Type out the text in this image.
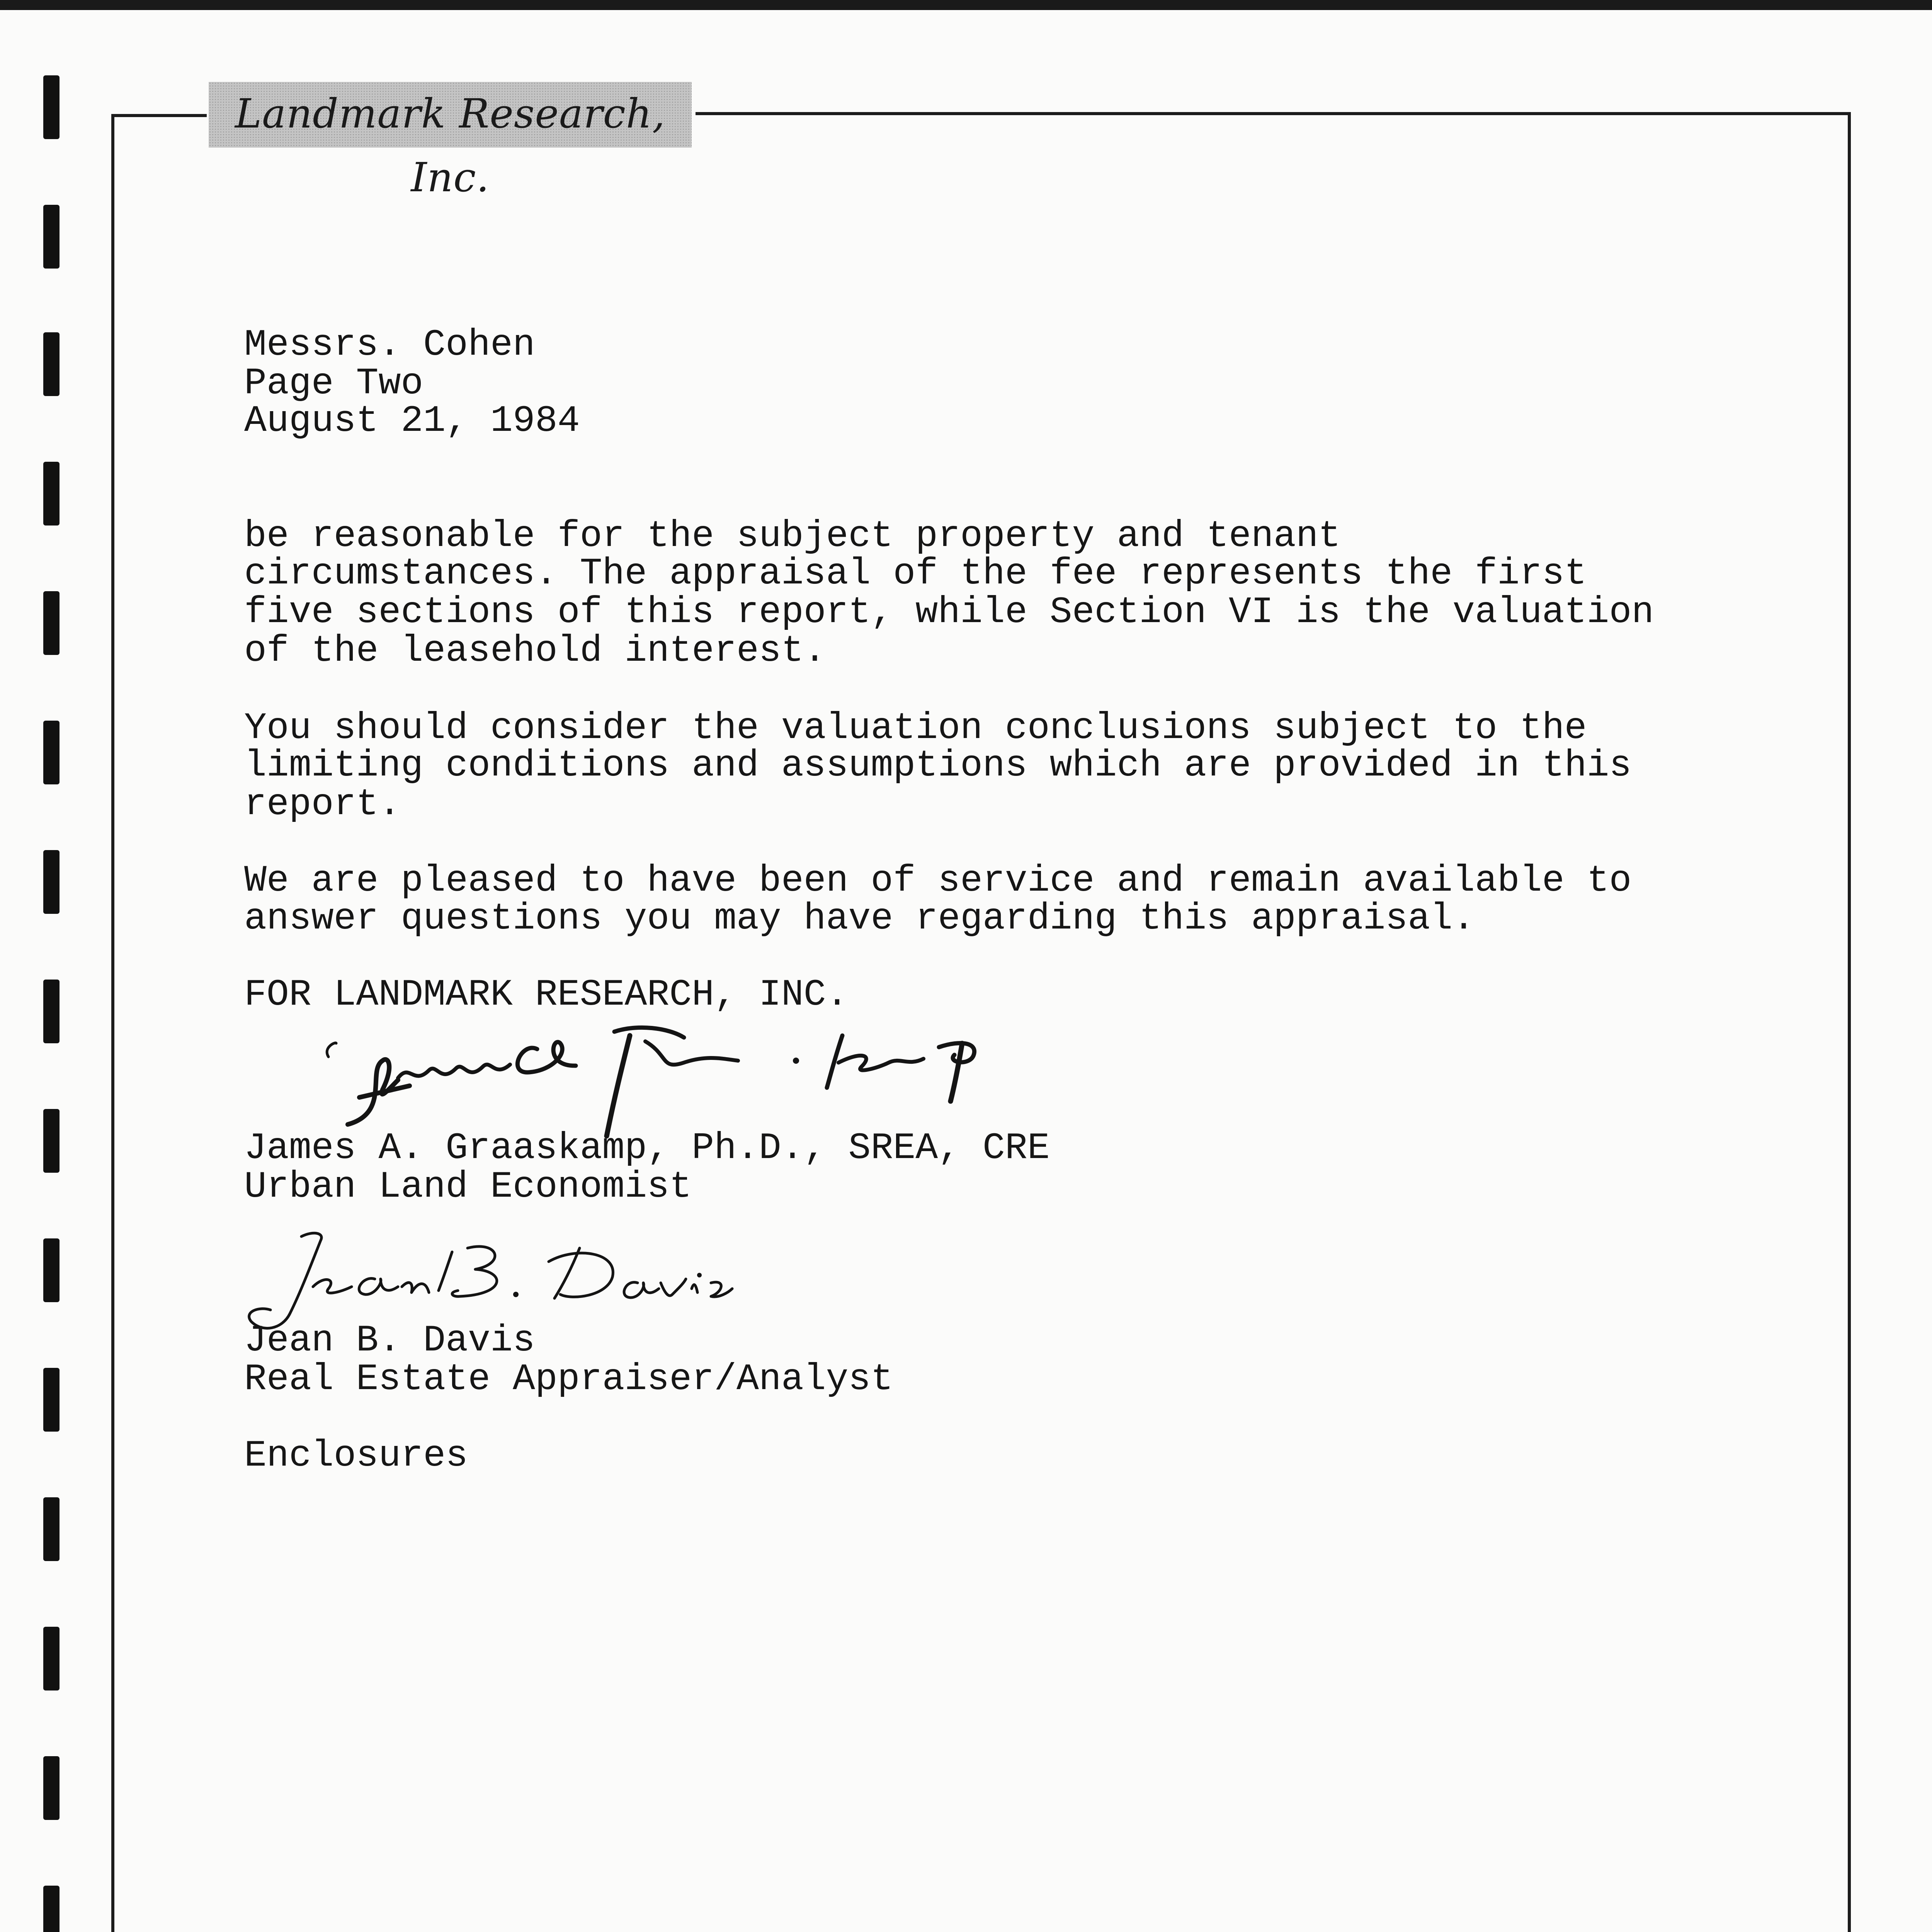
Landmark Research, Inc.
Messrs. Cohen
Page Two
August 21, 1984
be reasonable for the subject property and tenant
circumstances. The appraisal of the fee represents the first
five sections of this report, while Section VI is the valuation
of the leasehold interest.
You should consider the valuation conclusions subject to the
limiting conditions and assumptions which are provided in this
report.
We are pleased to have been of service and remain available to
answer questions you may have regarding this appraisal.
FOR LANDMARK RESEARCH, INC.
James A. Graaskamp, Ph.D., SREA, CRE
Urban Land Economist
Jean B. Davis
Real Estate Appraiser/Analyst
Enclosures
